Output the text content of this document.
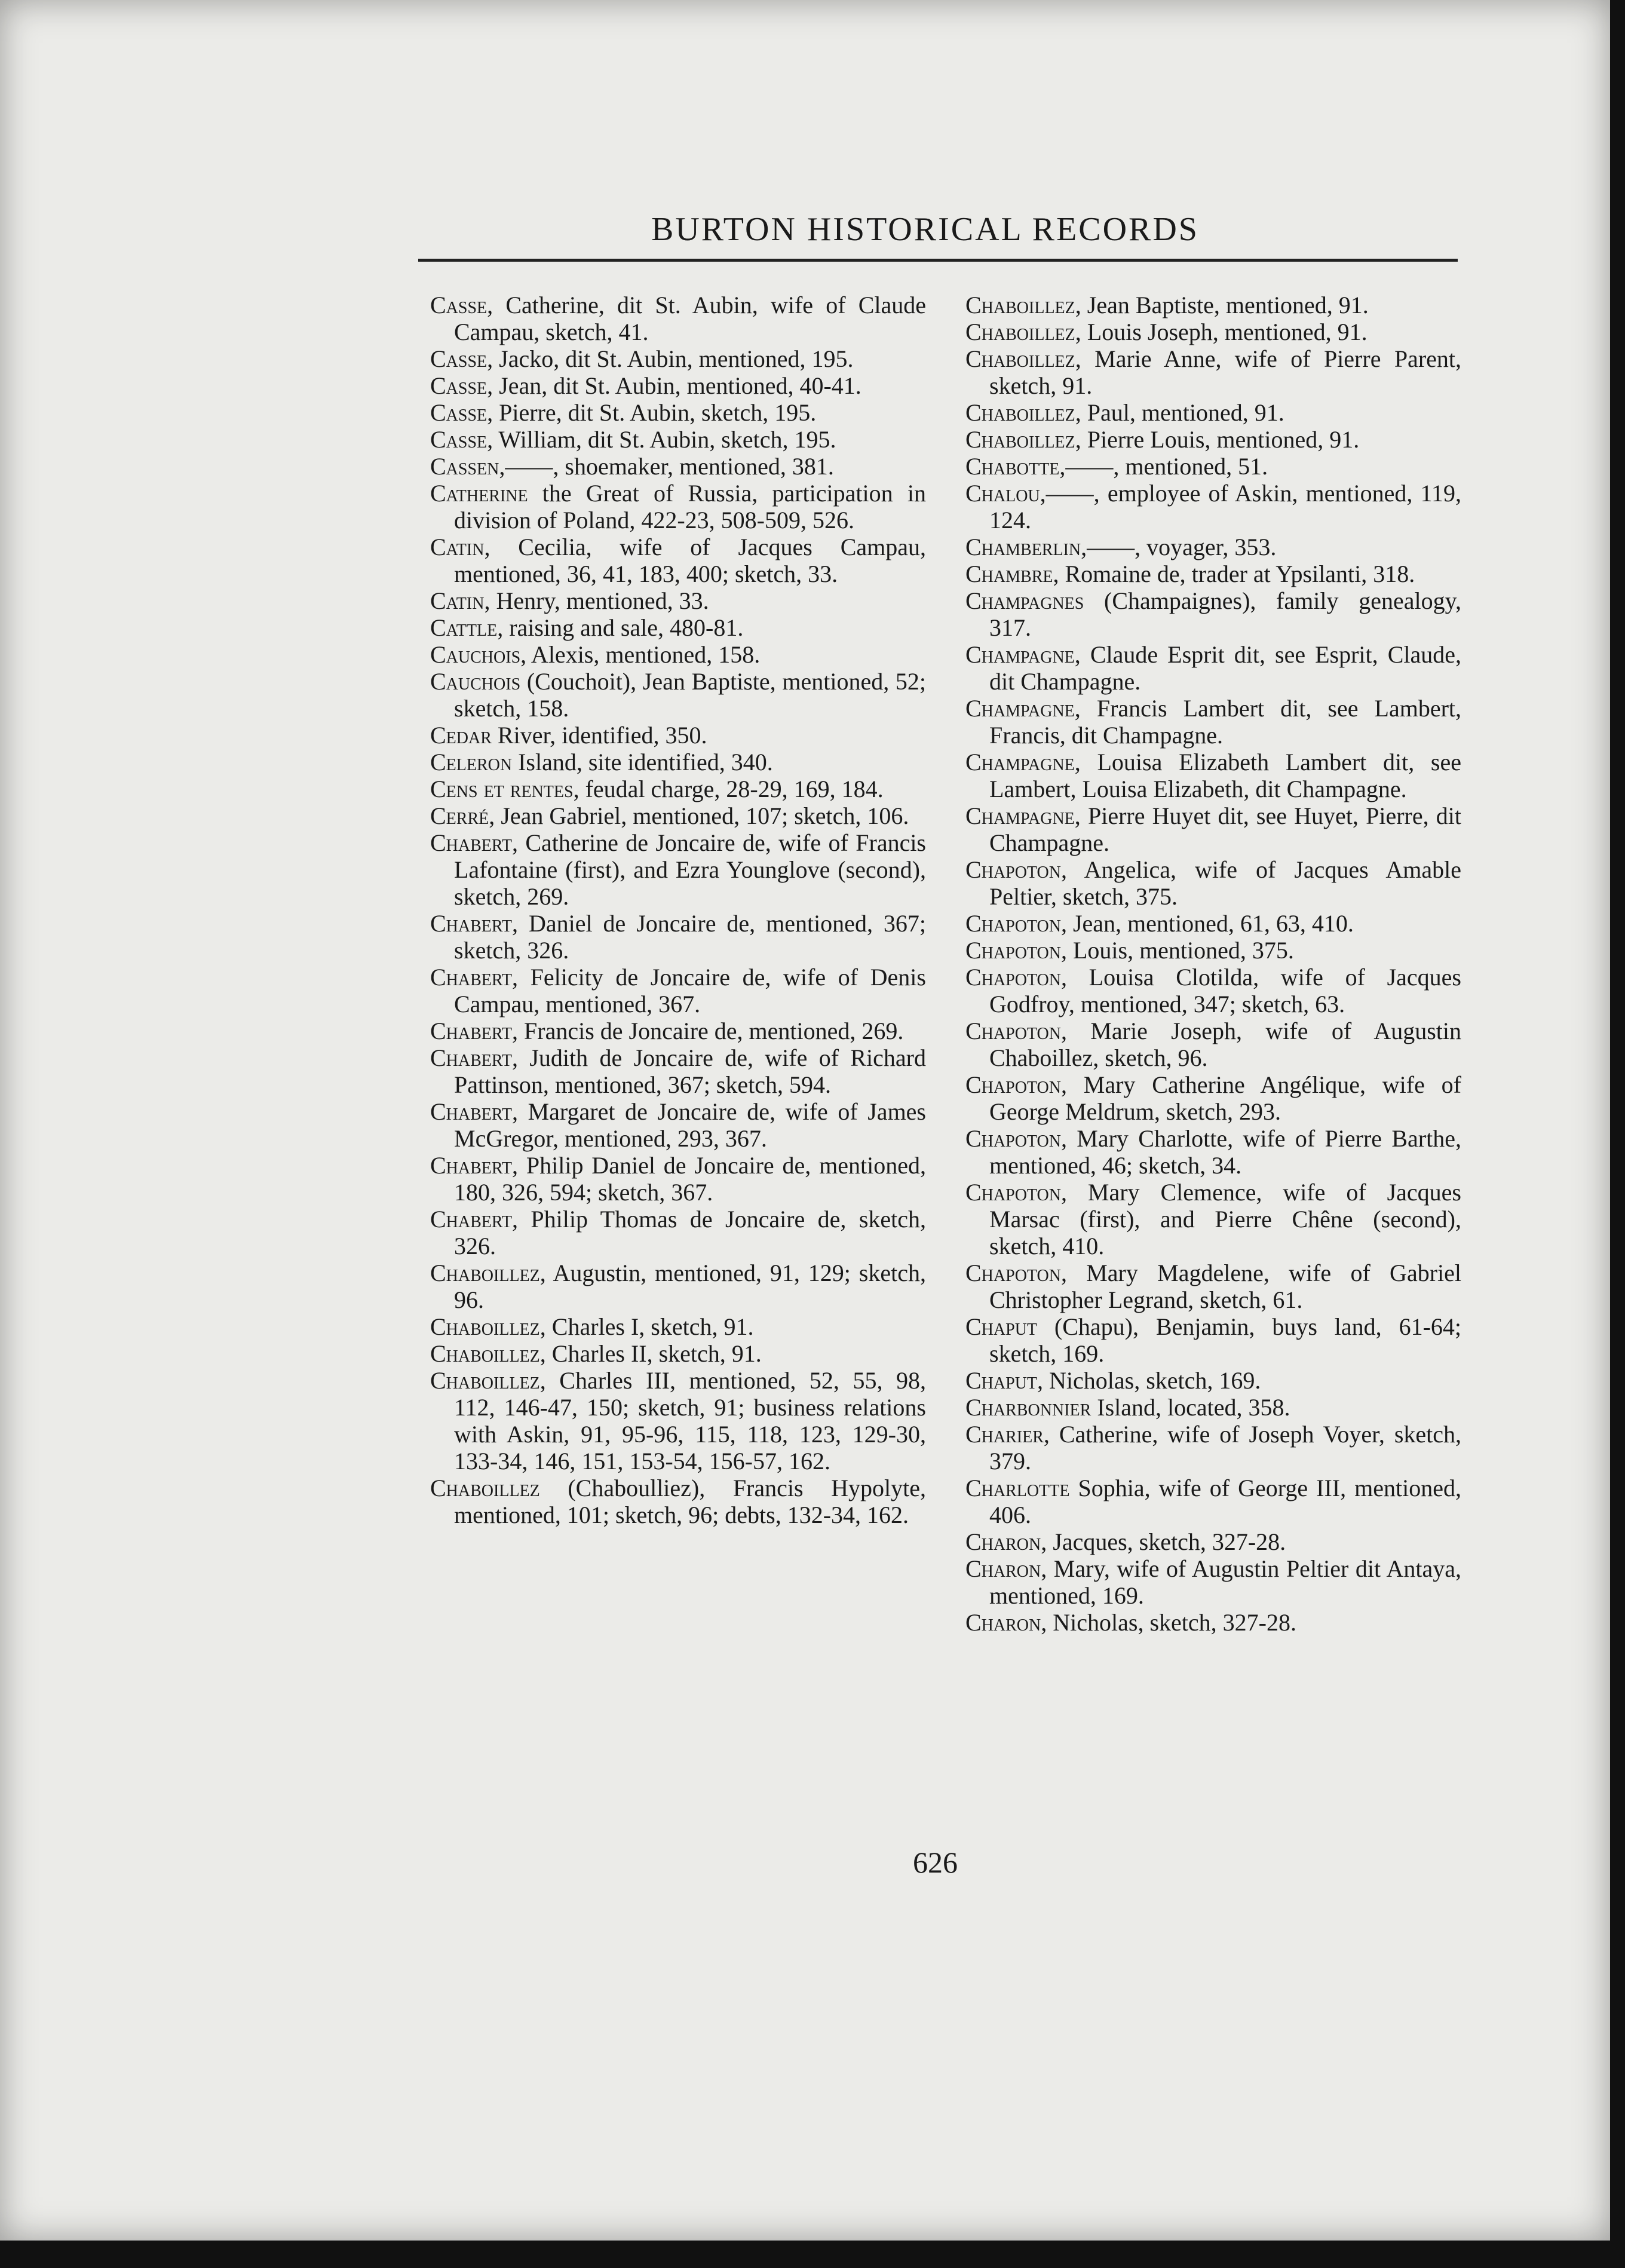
BURTON HISTORICAL RECORDS

Casse, Catherine, dit St. Aubin, wife of Claude Campau, sketch, 41.

Casse, Jacko, dit St. Aubin, mentioned, 195.

Casse, Jean, dit St. Aubin, mentioned, 40-41.

Casse, Pierre, dit St. Aubin, sketch, 195.

Casse, William, dit St. Aubin, sketch, 195.

Cassen,——, shoemaker, mentioned, 381.

Catherine the Great of Russia, participation in division of Poland, 422-23, 508-509, 526.

Catin, Cecilia, wife of Jacques Campau, mentioned, 36, 41, 183, 400; sketch, 33.

Catin, Henry, mentioned, 33.

Cattle, raising and sale, 480-81.

Cauchois, Alexis, mentioned, 158.

Cauchois (Couchoit), Jean Baptiste, mentioned, 52; sketch, 158.

Cedar River, identified, 350.

Celeron Island, site identified, 340.

Cens et rentes, feudal charge, 28-29, 169, 184.

Cerré, Jean Gabriel, mentioned, 107; sketch, 106.

Chabert, Catherine de Joncaire de, wife of Francis Lafontaine (first), and Ezra Younglove (second), sketch, 269.

Chabert, Daniel de Joncaire de, mentioned, 367; sketch, 326.

Chabert, Felicity de Joncaire de, wife of Denis Campau, mentioned, 367.

Chabert, Francis de Joncaire de, mentioned, 269.

Chabert, Judith de Joncaire de, wife of Richard Pattinson, mentioned, 367; sketch, 594.

Chabert, Margaret de Joncaire de, wife of James McGregor, mentioned, 293, 367.

Chabert, Philip Daniel de Joncaire de, mentioned, 180, 326, 594; sketch, 367.

Chabert, Philip Thomas de Joncaire de, sketch, 326.

Chaboillez, Augustin, mentioned, 91, 129; sketch, 96.

Chaboillez, Charles I, sketch, 91.

Chaboillez, Charles II, sketch, 91.

Chaboillez, Charles III, mentioned, 52, 55, 98, 112, 146-47, 150; sketch, 91; business relations with Askin, 91, 95-96, 115, 118, 123, 129-30, 133-34, 146, 151, 153-54, 156-57, 162.

Chaboillez (Chaboulliez), Francis Hypolyte, mentioned, 101; sketch, 96; debts, 132-34, 162.

Chaboillez, Jean Baptiste, mentioned, 91.

Chaboillez, Louis Joseph, mentioned, 91.

Chaboillez, Marie Anne, wife of Pierre Parent, sketch, 91.

Chaboillez, Paul, mentioned, 91.

Chaboillez, Pierre Louis, mentioned, 91.

Chabotte,——, mentioned, 51.

Chalou,——, employee of Askin, mentioned, 119, 124.

Chamberlin,——, voyager, 353.

Chambre, Romaine de, trader at Ypsilanti, 318.

Champagnes (Champaignes), family genealogy, 317.

Champagne, Claude Esprit dit, see Esprit, Claude, dit Champagne.

Champagne, Francis Lambert dit, see Lambert, Francis, dit Champagne.

Champagne, Louisa Elizabeth Lambert dit, see Lambert, Louisa Elizabeth, dit Champagne.

Champagne, Pierre Huyet dit, see Huyet, Pierre, dit Champagne.

Chapoton, Angelica, wife of Jacques Amable Peltier, sketch, 375.

Chapoton, Jean, mentioned, 61, 63, 410.

Chapoton, Louis, mentioned, 375.

Chapoton, Louisa Clotilda, wife of Jacques Godfroy, mentioned, 347; sketch, 63.

Chapoton, Marie Joseph, wife of Augustin Chaboillez, sketch, 96.

Chapoton, Mary Catherine Angélique, wife of George Meldrum, sketch, 293.

Chapoton, Mary Charlotte, wife of Pierre Barthe, mentioned, 46; sketch, 34.

Chapoton, Mary Clemence, wife of Jacques Marsac (first), and Pierre Chêne (second), sketch, 410.

Chapoton, Mary Magdelene, wife of Gabriel Christopher Legrand, sketch, 61.

Chaput (Chapu), Benjamin, buys land, 61-64; sketch, 169.

Chaput, Nicholas, sketch, 169.

Charbonnier Island, located, 358.

Charier, Catherine, wife of Joseph Voyer, sketch, 379.

Charlotte Sophia, wife of George III, mentioned, 406.

Charon, Jacques, sketch, 327-28.

Charon, Mary, wife of Augustin Peltier dit Antaya, mentioned, 169.

Charon, Nicholas, sketch, 327-28.

626
